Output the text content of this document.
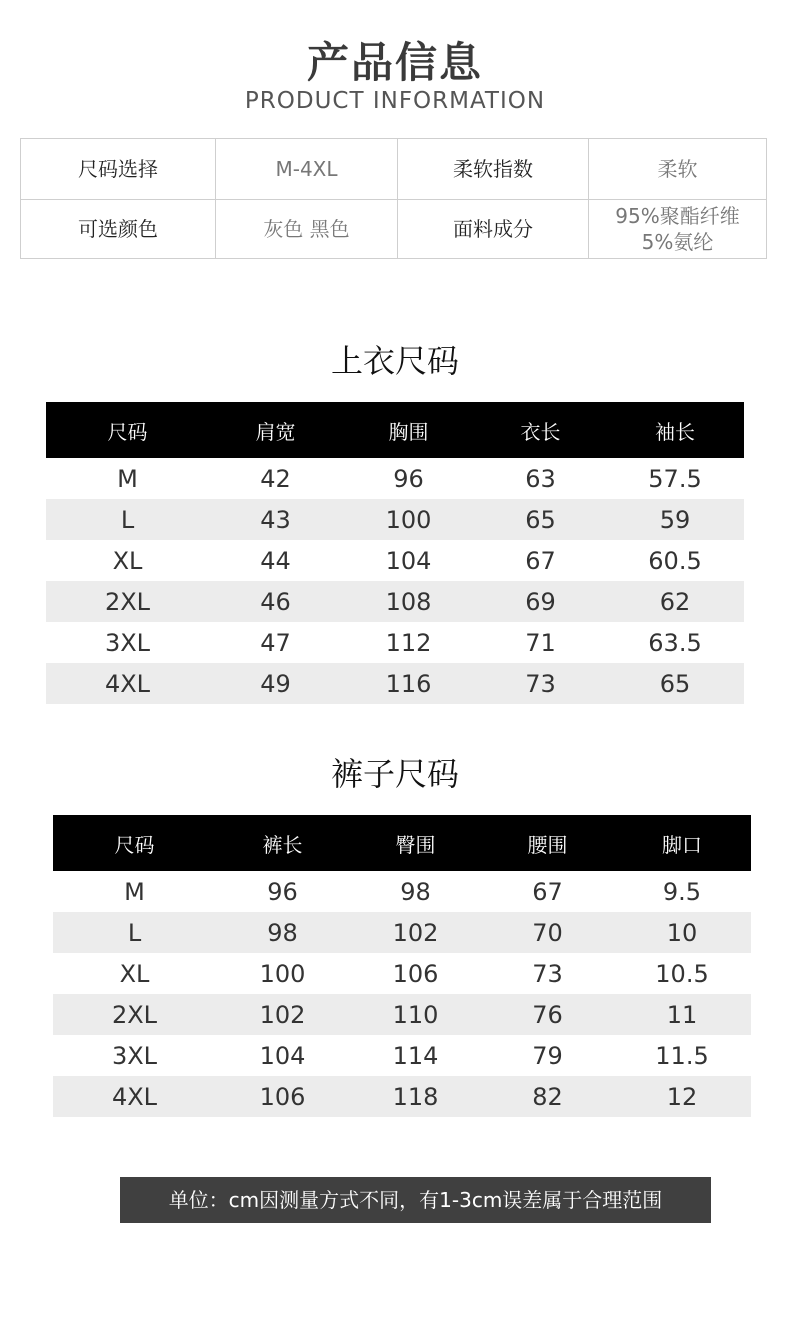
产品信息
PRODUCT INFORMATION
尺码选择	M-4XL	柔软指数	柔软
可选颜色	灰色 黑色	面料成分	95%聚酯纤维
5%氨纶
上衣尺码
尺码	肩宽	胸围	衣长	袖长
M	42	96	63	57.5
L	43	100	65	59
XL	44	104	67	60.5
2XL	46	108	69	62
3XL	47	112	71	63.5
4XL	49	116	73	65
裤子尺码
尺码	裤长	臀围	腰围	脚口
M	96	98	67	9.5
L	98	102	70	10
XL	100	106	73	10.5
2XL	102	110	76	11
3XL	104	114	79	11.5
4XL	106	118	82	12
单位：cm因测量方式不同，有1-3cm误差属于合理范围
